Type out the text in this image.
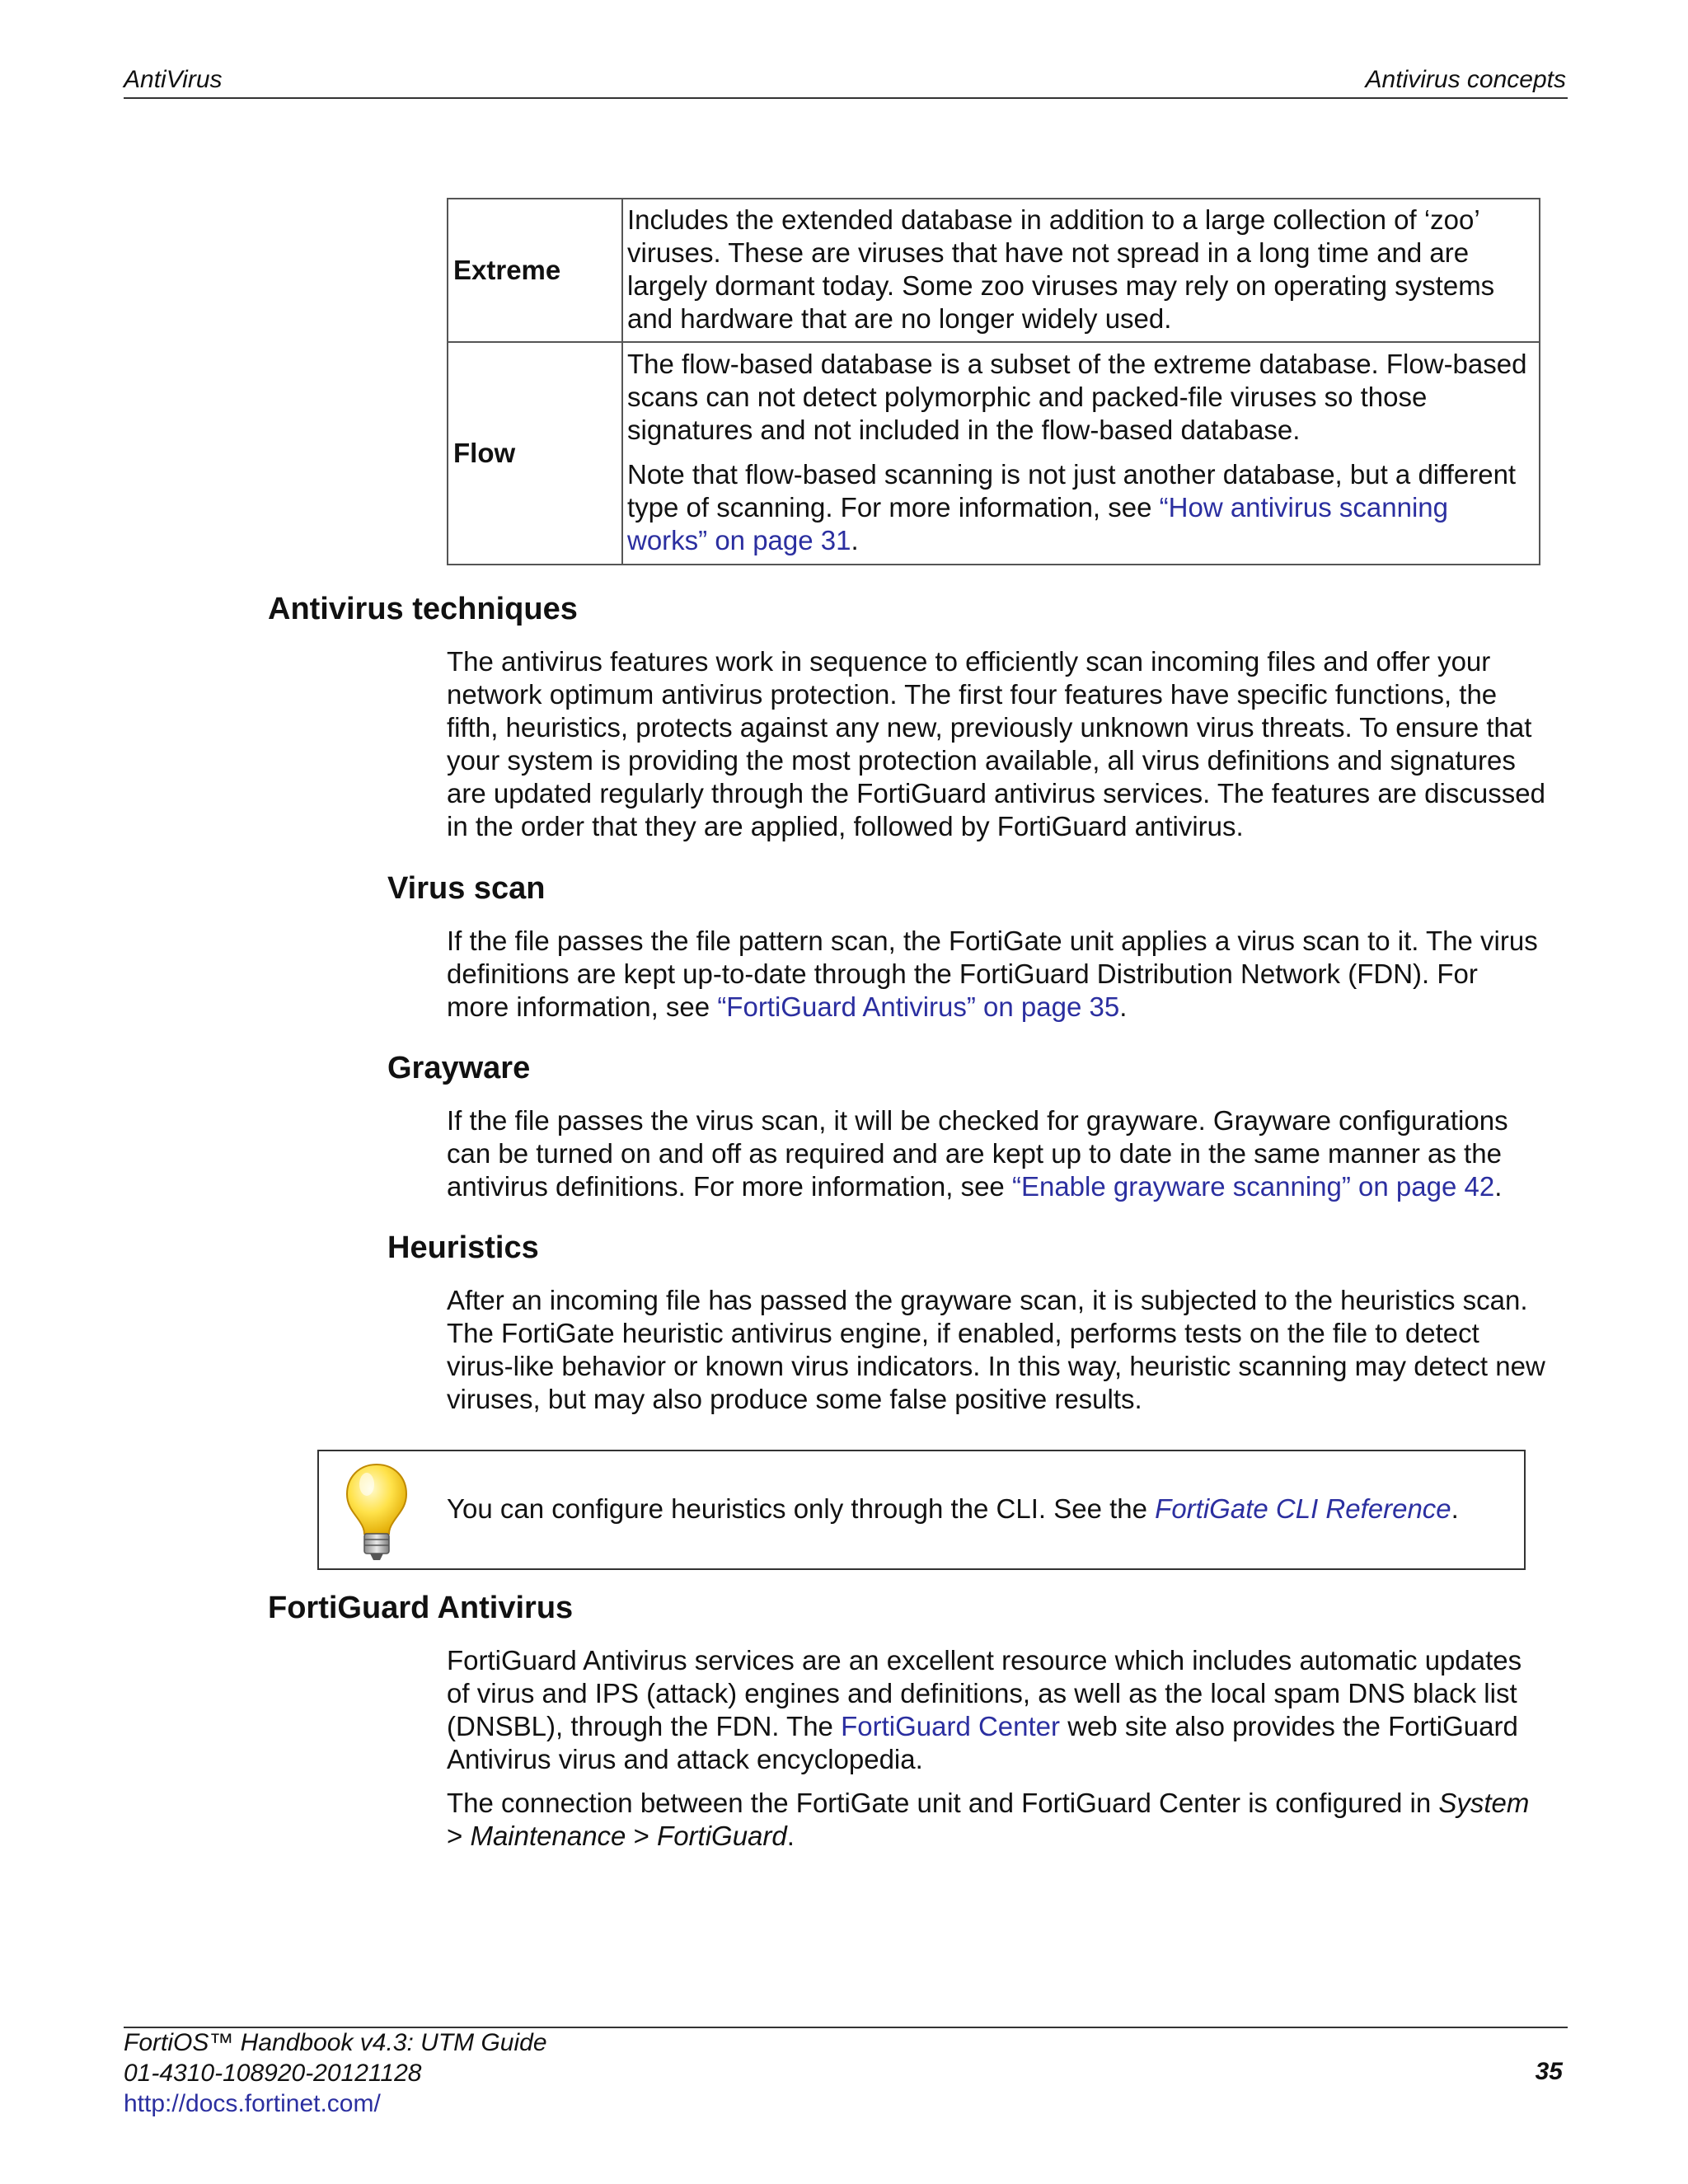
AntiVirus	Antivirus concepts
Extreme	Includes the extended database in addition to a large collection of ‘zoo’ viruses. These are viruses that have not spread in a long time and are largely dormant today. Some zoo viruses may rely on operating systems and hardware that are no longer widely used.

Flow	The flow-based database is a subset of the extreme database. Flow-based scans can not detect polymorphic and packed-file viruses so those signatures and not included in the flow-based database.

Note that flow-based scanning is not just another database, but a different type of scanning. For more information, see “How antivirus scanning works” on page 31.

Antivirus techniques

The antivirus features work in sequence to efficiently scan incoming files and offer your network optimum antivirus protection. The first four features have specific functions, the fifth, heuristics, protects against any new, previously unknown virus threats. To ensure that your system is providing the most protection available, all virus definitions and signatures are updated regularly through the FortiGuard antivirus services. The features are discussed in the order that they are applied, followed by FortiGuard antivirus.

Virus scan

If the file passes the file pattern scan, the FortiGate unit applies a virus scan to it. The virus definitions are kept up-to-date through the FortiGuard Distribution Network (FDN). For more information, see “FortiGuard Antivirus” on page 35.

Grayware

If the file passes the virus scan, it will be checked for grayware. Grayware configurations can be turned on and off as required and are kept up to date in the same manner as the antivirus definitions. For more information, see “Enable grayware scanning” on page 42.

Heuristics

After an incoming file has passed the grayware scan, it is subjected to the heuristics scan. The FortiGate heuristic antivirus engine, if enabled, performs tests on the file to detect virus-like behavior or known virus indicators. In this way, heuristic scanning may detect new viruses, but may also produce some false positive results.

You can configure heuristics only through the CLI. See the FortiGate CLI Reference.
FortiGuard Antivirus

FortiGuard Antivirus services are an excellent resource which includes automatic updates of virus and IPS (attack) engines and definitions, as well as the local spam DNS black list (DNSBL), through the FDN. The FortiGuard Center web site also provides the FortiGuard Antivirus virus and attack encyclopedia.

The connection between the FortiGate unit and FortiGuard Center is configured in System > Maintenance > FortiGuard.

FortiOS™ Handbook v4.3: UTM Guide
01-4310-108920-20121128
http://docs.fortinet.com/
35
